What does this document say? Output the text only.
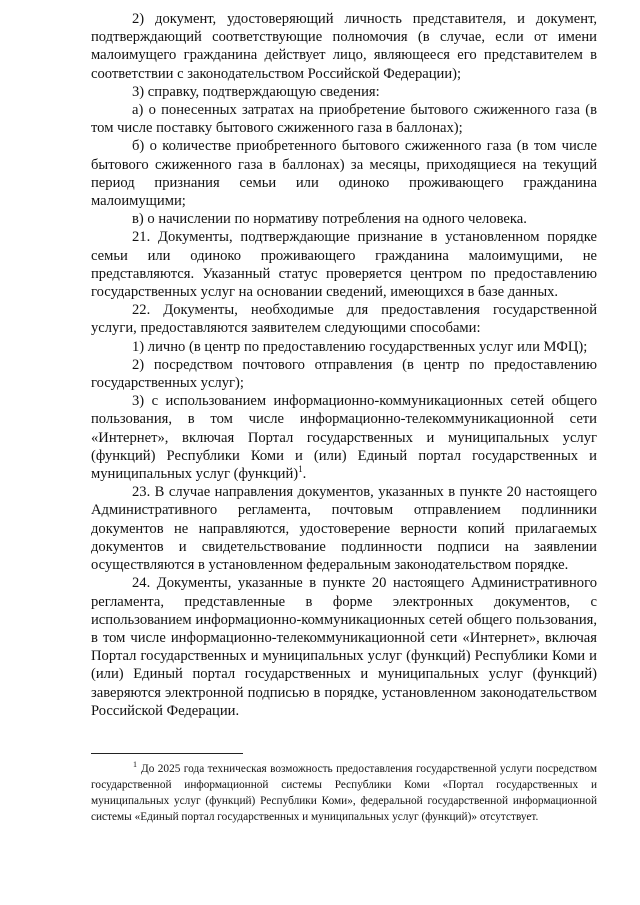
2) документ, удостоверяющий личность представителя, и документ, подтверждающий соответствующие полномочия (в случае, если от имени малоимущего гражданина действует лицо, являющееся его представителем в соответствии с законодательством Российской Федерации);

3) справку, подтверждающую сведения:

а) о понесенных затратах на приобретение бытового сжиженного газа (в том числе поставку бытового сжиженного газа в баллонах);

б) о количестве приобретенного бытового сжиженного газа (в том числе бытового сжиженного газа в баллонах) за месяцы, приходящиеся на текущий период признания семьи или одиноко проживающего гражданина малоимущими;

в) о начислении по нормативу потребления на одного человека.

21. Документы, подтверждающие признание в установленном порядке семьи или одиноко проживающего гражданина малоимущими, не представляются. Указанный статус проверяется центром по предоставлению государственных услуг на основании сведений, имеющихся в базе данных.

22. Документы, необходимые для предоставления государственной услуги, предоставляются заявителем следующими способами:

1) лично (в центр по предоставлению государственных услуг или МФЦ);

2) посредством почтового отправления (в центр по предоставлению государственных услуг);

3) с использованием информационно-коммуникационных сетей общего пользования, в том числе информационно-телекоммуникационной сети «Интернет», включая Портал государственных и муниципальных услуг (функций) Республики Коми и (или) Единый портал государственных и муниципальных услуг (функций)$^1$.

23. В случае направления документов, указанных в пункте 20 настоящего Административного регламента, почтовым отправлением подлинники документов не направляются, удостоверение верности копий прилагаемых документов и свидетельствование подлинности подписи на заявлении осуществляются в установленном федеральным законодательством порядке.

24. Документы, указанные в пункте 20 настоящего Административного регламента, представленные в форме электронных документов, с использованием информационно-коммуникационных сетей общего пользования, в том числе информационно-телекоммуникационной сети «Интернет», включая Портал государственных и муниципальных услуг (функций) Республики Коми и (или) Единый портал государственных и муниципальных услуг (функций) заверяются электронной подписью в порядке, установленном законодательством Российской Федерации.

$^1$ До 2025 года техническая возможность предоставления государственной услуги посредством государственной информационной системы Республики Коми «Портал государственных и муниципальных услуг (функций) Республики Коми», федеральной государственной информационной системы «Единый портал государственных и муниципальных услуг (функций)» отсутствует.
